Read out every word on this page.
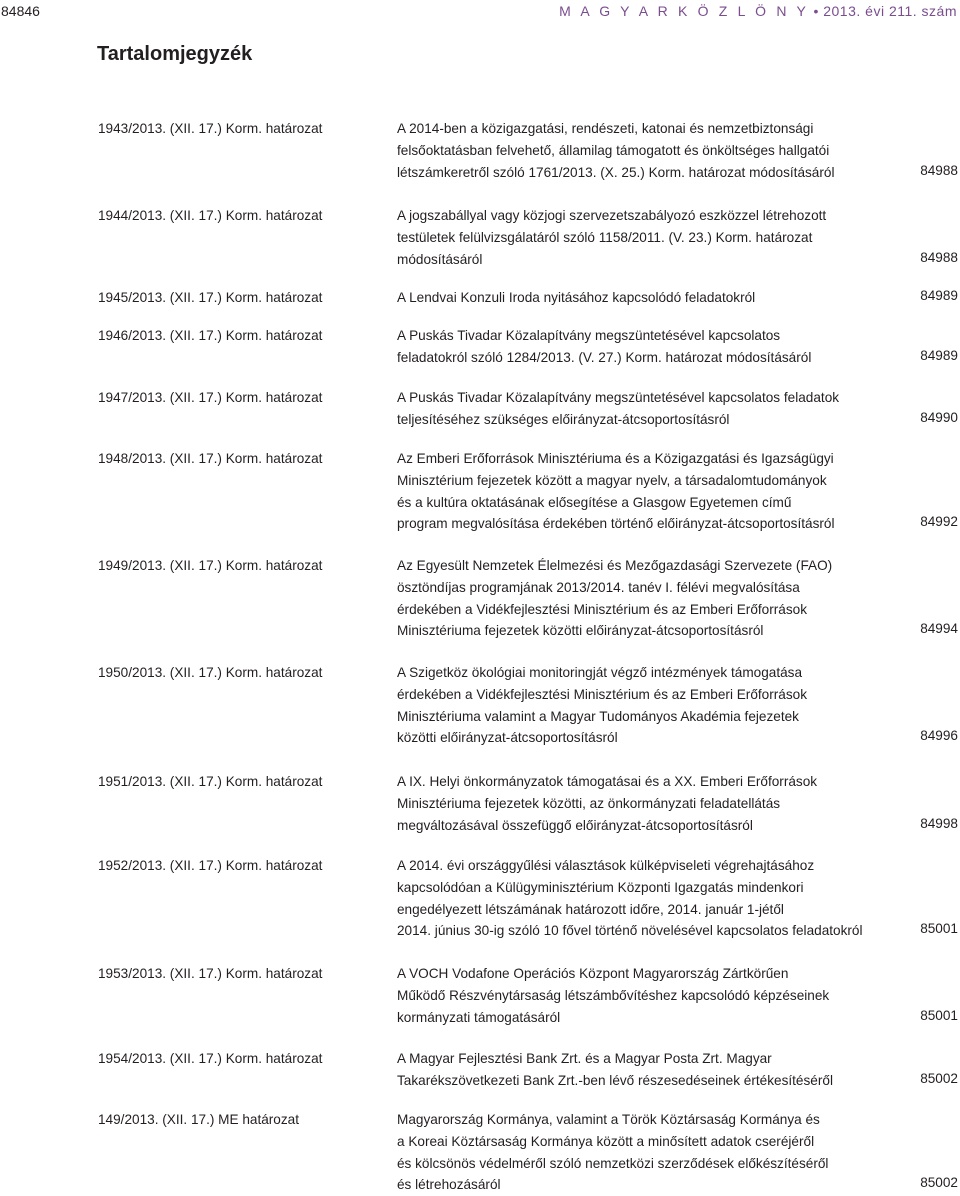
84846	M A G Y A R K Ö Z L Ö N Y • 2013. évi 211. szám
Tartalomjegyzék
1943/2013. (XII. 17.) Korm. határozat	A 2014-ben a közigazgatási, rendészeti, katonai és nemzetbiztonsági
felsőoktatásban felvehető, államilag támogatott és önköltséges hallgatói
létszámkeretről szóló 1761/2013. (X. 25.) Korm. határozat módosításáról	84988
1944/2013. (XII. 17.) Korm. határozat	A jogszabállyal vagy közjogi szervezetszabályozó eszközzel létrehozott
testületek felülvizsgálatáról szóló 1158/2011. (V. 23.) Korm. határozat
módosításáról	84988
1945/2013. (XII. 17.) Korm. határozat	A Lendvai Konzuli Iroda nyitásához kapcsolódó feladatokról	84989
1946/2013. (XII. 17.) Korm. határozat	A Puskás Tivadar Közalapítvány megszüntetésével kapcsolatos
feladatokról szóló 1284/2013. (V. 27.) Korm. határozat módosításáról	84989
1947/2013. (XII. 17.) Korm. határozat	A Puskás Tivadar Közalapítvány megszüntetésével kapcsolatos feladatok
teljesítéséhez szükséges előirányzat-átcsoportosításról	84990
1948/2013. (XII. 17.) Korm. határozat	Az Emberi Erőforrások Minisztériuma és a Közigazgatási és Igazságügyi
Minisztérium fejezetek között a magyar nyelv, a társadalomtudományok
és a kultúra oktatásának elősegítése a Glasgow Egyetemen című
program megvalósítása érdekében történő előirányzat-átcsoportosításról	84992
1949/2013. (XII. 17.) Korm. határozat	Az Egyesült Nemzetek Élelmezési és Mezőgazdasági Szervezete (FAO)
ösztöndíjas programjának 2013/2014. tanév I. félévi megvalósítása
érdekében a Vidékfejlesztési Minisztérium és az Emberi Erőforrások
Minisztériuma fejezetek közötti előirányzat-átcsoportosításról	84994
1950/2013. (XII. 17.) Korm. határozat	A Szigetköz ökológiai monitoringját végző intézmények támogatása
érdekében a Vidékfejlesztési Minisztérium és az Emberi Erőforrások
Minisztériuma valamint a Magyar Tudományos Akadémia fejezetek
közötti előirányzat-átcsoportosításról	84996
1951/2013. (XII. 17.) Korm. határozat	A IX. Helyi önkormányzatok támogatásai és a XX. Emberi Erőforrások
Minisztériuma fejezetek közötti, az önkormányzati feladatellátás
megváltozásával összefüggő előirányzat-átcsoportosításról	84998
1952/2013. (XII. 17.) Korm. határozat	A 2014. évi országgyűlési választások külképviseleti végrehajtásához
kapcsolódóan a Külügyminisztérium Központi Igazgatás mindenkori
engedélyezett létszámának határozott időre, 2014. január 1-jétől
2014. június 30-ig szóló 10 fővel történő növelésével kapcsolatos feladatokról	85001
1953/2013. (XII. 17.) Korm. határozat	A VOCH Vodafone Operációs Központ Magyarország Zártkörűen
Működő Részvénytársaság létszámbővítéshez kapcsolódó képzéseinek
kormányzati támogatásáról	85001
1954/2013. (XII. 17.) Korm. határozat	A Magyar Fejlesztési Bank Zrt. és a Magyar Posta Zrt. Magyar
Takarékszövetkezeti Bank Zrt.-ben lévő részesedéseinek értékesítéséről	85002
149/2013. (XII. 17.) ME határozat	Magyarország Kormánya, valamint a Török Köztársaság Kormánya és
a Koreai Köztársaság Kormánya között a minősített adatok cseréjéről
és kölcsönös védelméről szóló nemzetközi szerződések előkészítéséről
és létrehozásáról	85002
